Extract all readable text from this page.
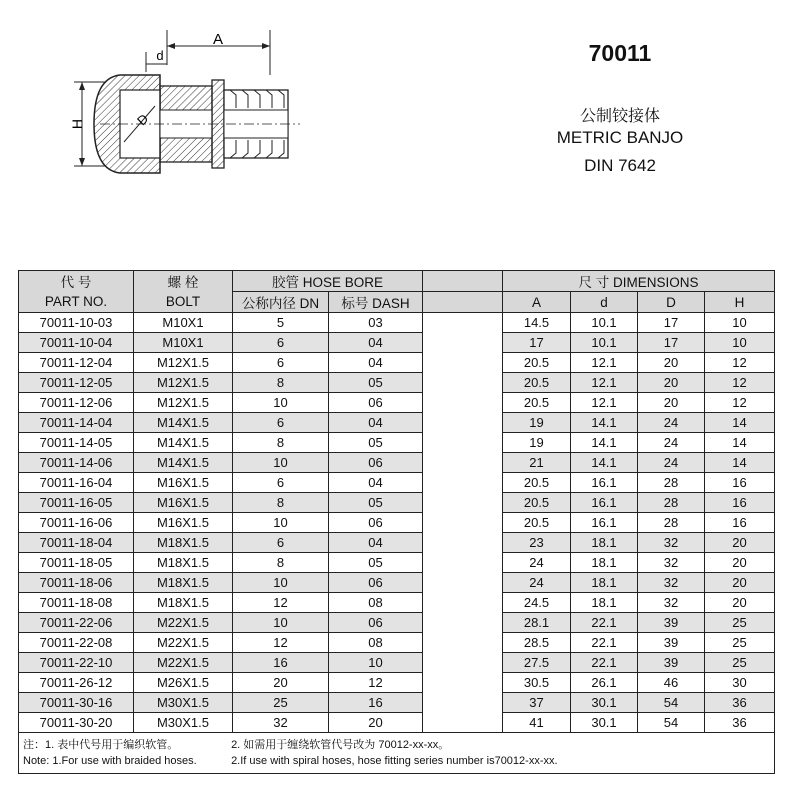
A
d
H	D
70011
公制铰接体
METRIC BANJO
DIN 7642
代 号	螺 栓	胶管 HOSE BORE			尺 寸 DIMENSIONS			
PART NO.	BOLT	公称内径 DN	标号 DASH		A	d	D	H
70011-10-03	M10X1	5	03		14.5	10.1	17	10
70011-10-04	M10X1	6	04		17	10.1	17	10
70011-12-04	M12X1.5	6	04		20.5	12.1	20	12
70011-12-05	M12X1.5	8	05		20.5	12.1	20	12
70011-12-06	M12X1.5	10	06		20.5	12.1	20	12
70011-14-04	M14X1.5	6	04		19	14.1	24	14
70011-14-05	M14X1.5	8	05		19	14.1	24	14
70011-14-06	M14X1.5	10	06		21	14.1	24	14
70011-16-04	M16X1.5	6	04		20.5	16.1	28	16
70011-16-05	M16X1.5	8	05		20.5	16.1	28	16
70011-16-06	M16X1.5	10	06		20.5	16.1	28	16
70011-18-04	M18X1.5	6	04		23	18.1	32	20
70011-18-05	M18X1.5	8	05		24	18.1	32	20
70011-18-06	M18X1.5	10	06		24	18.1	32	20
70011-18-08	M18X1.5	12	08		24.5	18.1	32	20
70011-22-06	M22X1.5	10	06		28.1	22.1	39	25
70011-22-08	M22X1.5	12	08		28.5	22.1	39	25
70011-22-10	M22X1.5	16	10		27.5	22.1	39	25
70011-26-12	M26X1.5	20	12		30.5	26.1	46	30
70011-30-16	M30X1.5	25	16		37	30.1	54	36
70011-30-20	M30X1.5	32	20		41	30.1	54	36

注：1. 表中代号用于编织软管。 2. 如需用于缠绕软管代号改为 70012-xx-xx。
Note: 1.For use with braided hoses. 2.If use with spiral hoses, hose fitting series number is70012-xx-xx.								
